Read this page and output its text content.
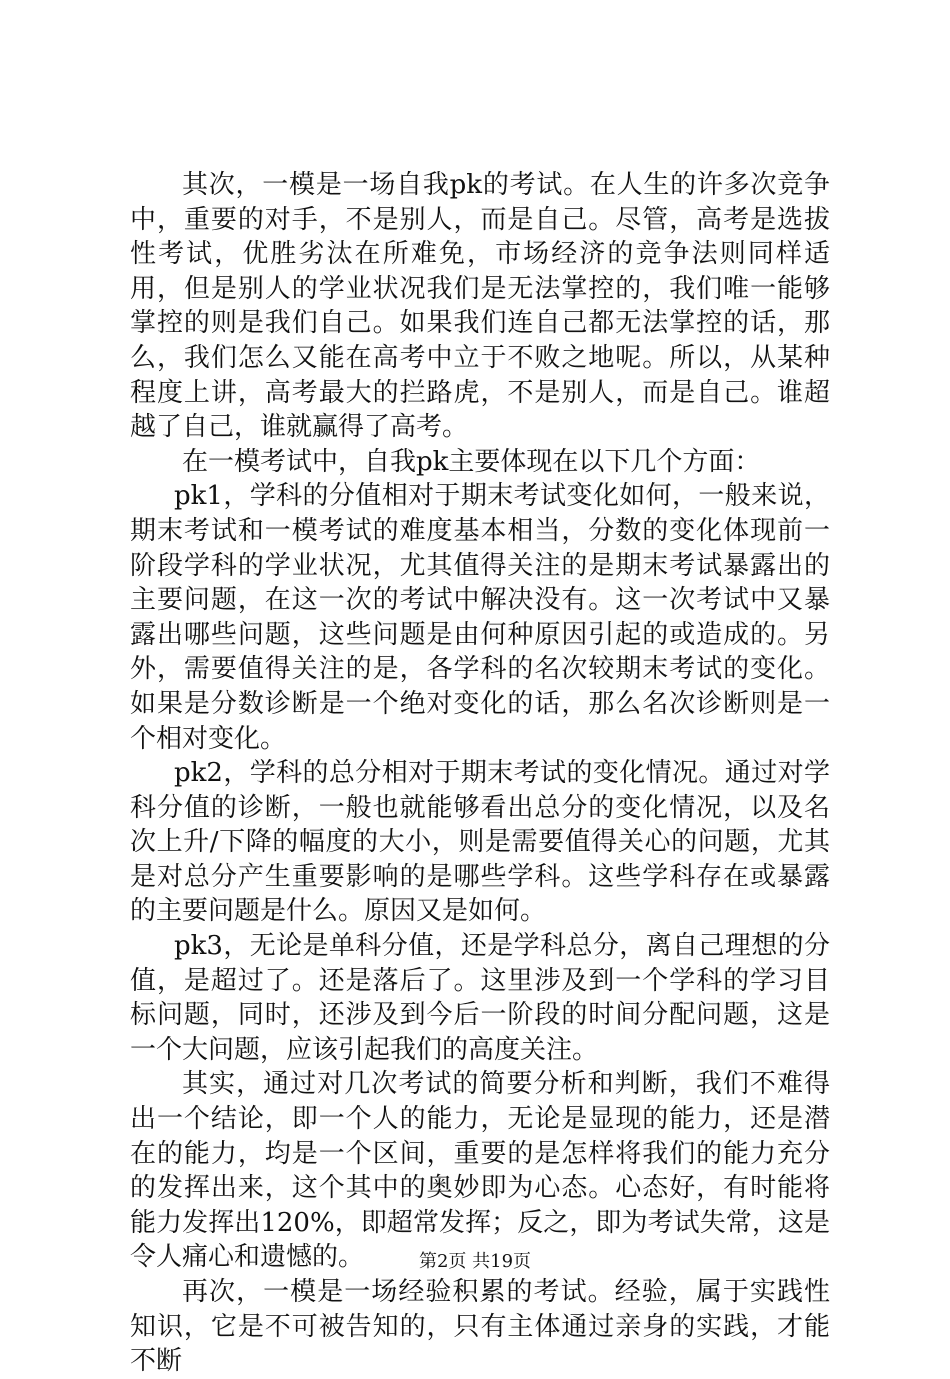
其次，一模是一场自我pk的考试。在人生的许多次竞争中，重要的对手，不是别人，而是自己。尽管，高考是选拔性考试，优胜劣汰在所难免，市场经济的竞争法则同样适用，但是别人的学业状况我们是无法掌控的，我们唯一能够掌控的则是我们自己。如果我们连自己都无法掌控的话，那么，我们怎么又能在高考中立于不败之地呢。所以，从某种程度上讲，高考最大的拦路虎，不是别人，而是自己。谁超越了自己，谁就赢得了高考。

在一模考试中，自我pk主要体现在以下几个方面：

pk1，学科的分值相对于期末考试变化如何，一般来说，期末考试和一模考试的难度基本相当，分数的变化体现前一阶段学科的学业状况，尤其值得关注的是期末考试暴露出的主要问题，在这一次的考试中解决没有。这一次考试中又暴露出哪些问题，这些问题是由何种原因引起的或造成的。另外，需要值得关注的是，各学科的名次较期末考试的变化。如果是分数诊断是一个绝对变化的话，那么名次诊断则是一个相对变化。

pk2，学科的总分相对于期末考试的变化情况。通过对学科分值的诊断，一般也就能够看出总分的变化情况，以及名次上升/下降的幅度的大小，则是需要值得关心的问题，尤其是对总分产生重要影响的是哪些学科。这些学科存在或暴露的主要问题是什么。原因又是如何。

pk3，无论是单科分值，还是学科总分，离自己理想的分值，是超过了。还是落后了。这里涉及到一个学科的学习目标问题，同时，还涉及到今后一阶段的时间分配问题，这是一个大问题，应该引起我们的高度关注。

其实，通过对几次考试的简要分析和判断，我们不难得出一个结论，即一个人的能力，无论是显现的能力，还是潜在的能力，均是一个区间，重要的是怎样将我们的能力充分的发挥出来，这个其中的奥妙即为心态。心态好，有时能将能力发挥出120%，即超常发挥；反之，即为考试失常，这是令人痛心和遗憾的。

再次，一模是一场经验积累的考试。经验，属于实践性知识，它是不可被告知的，只有主体通过亲身的实践，才能不断

第2页 共19页
